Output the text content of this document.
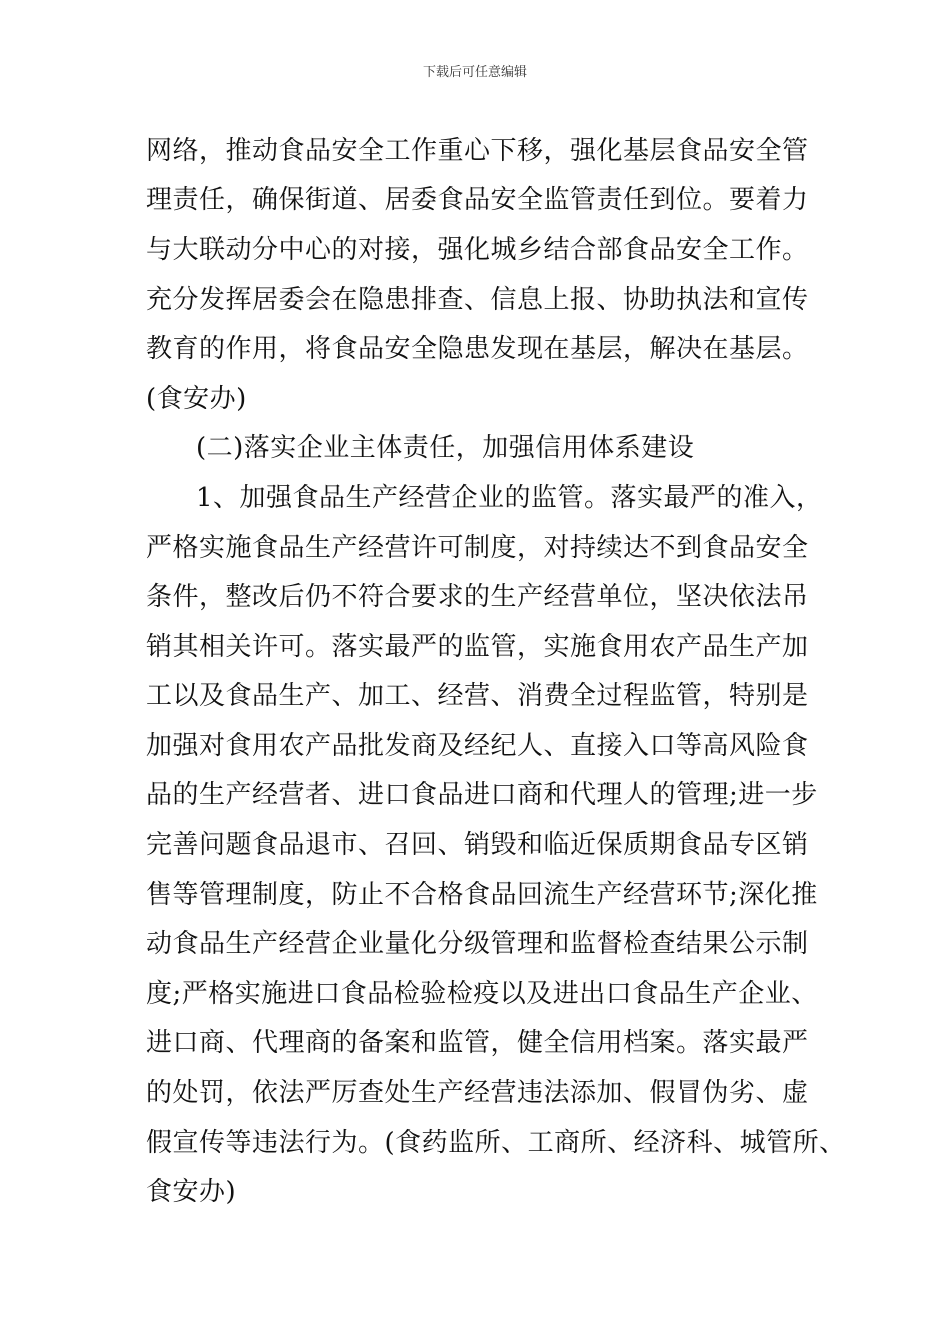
下载后可任意编辑
网络，推动食品安全工作重心下移，强化基层食品安全管
理责任，确保街道、居委食品安全监管责任到位。要着力
与大联动分中心的对接，强化城乡结合部食品安全工作。
充分发挥居委会在隐患排查、信息上报、协助执法和宣传
教育的作用，将食品安全隐患发现在基层，解决在基层。
(食安办)
(二)落实企业主体责任，加强信用体系建设
1、加强食品生产经营企业的监管。落实最严的准入，
严格实施食品生产经营许可制度，对持续达不到食品安全
条件，整改后仍不符合要求的生产经营单位，坚决依法吊
销其相关许可。落实最严的监管，实施食用农产品生产加
工以及食品生产、加工、经营、消费全过程监管，特别是
加强对食用农产品批发商及经纪人、直接入口等高风险食
品的生产经营者、进口食品进口商和代理人的管理;进一步
完善问题食品退市、召回、销毁和临近保质期食品专区销
售等管理制度，防止不合格食品回流生产经营环节;深化推
动食品生产经营企业量化分级管理和监督检查结果公示制
度;严格实施进口食品检验检疫以及进出口食品生产企业、
进口商、代理商的备案和监管，健全信用档案。落实最严
的处罚，依法严厉查处生产经营违法添加、假冒伪劣、虚
假宣传等违法行为。(食药监所、工商所、经济科、城管所、
食安办)
